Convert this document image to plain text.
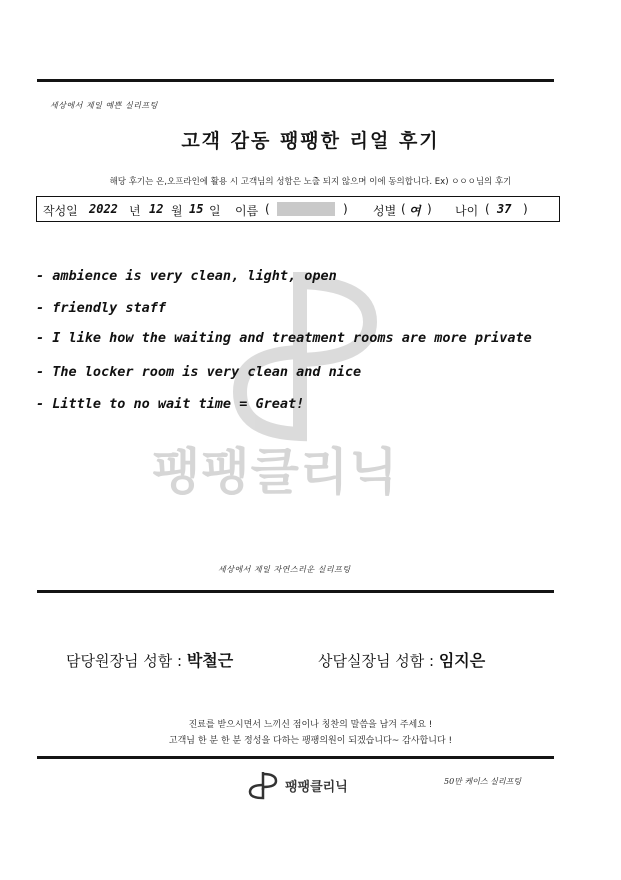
세상에서 제일 예쁜 실리프팅
고객 감동 팽팽한 리얼 후기
해당 후기는 온,오프라인에 활용 시 고객님의 성함은 노출 되지 않으며 이에 동의합니다. Ex) ㅇㅇㅇ님의 후기
작성일 2022 년 12 월 15 일 이름 (	) 성별 ( 여 ) 나이 ( 37 )
팽팽클리닉
- ambience is very clean, light, open
- friendly staff
- I like how the waiting and treatment rooms are more private
- The locker room is very clean and nice
- Little to no wait time = Great!
세상에서 제일 자연스러운 실리프팅
담당원장님 성함 : 박철근	상담실장님 성함 : 임지은
진료를 받으시면서 느끼신 점이나 칭찬의 말씀을 남겨 주세요 !
고객님 한 분 한 분 정성을 다하는 팽팽의원이 되겠습니다~ 감사합니다 !
팽팽클리닉	50만 케이스 실리프팅
